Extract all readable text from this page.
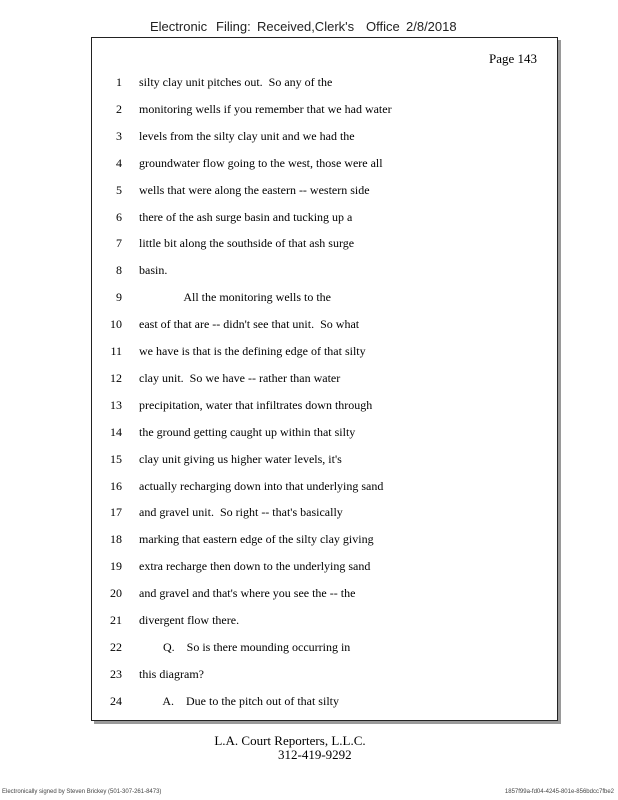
Electronic Filing: Received,Clerk's Office 2/8/2018
Page 143
1 silty clay unit pitches out.  So any of the
2 monitoring wells if you remember that we had water
3 levels from the silty clay unit and we had the
4 groundwater flow going to the west, those were all
5 wells that were along the eastern -- western side
6 there of the ash surge basin and tucking up a
7 little bit along the southside of that ash surge
8 basin.
9 All the monitoring wells to the
10 east of that are -- didn't see that unit.  So what
11 we have is that is the defining edge of that silty
12 clay unit.  So we have -- rather than water
13 precipitation, water that infiltrates down through
14 the ground getting caught up within that silty
15 clay unit giving us higher water levels, it's
16 actually recharging down into that underlying sand
17 and gravel unit.  So right -- that's basically
18 marking that eastern edge of the silty clay giving
19 extra recharge then down to the underlying sand
20 and gravel and that's where you see the -- the
21 divergent flow there.
22 Q.    So is there mounding occurring in
23 this diagram?
24 A.    Due to the pitch out of that silty
L.A. Court Reporters, L.L.C.
312-419-9292
Electronically signed by Steven Brickey (501-307-261-8473)	1857f99a-fd04-4245-801e-856bdcc7fbe2
